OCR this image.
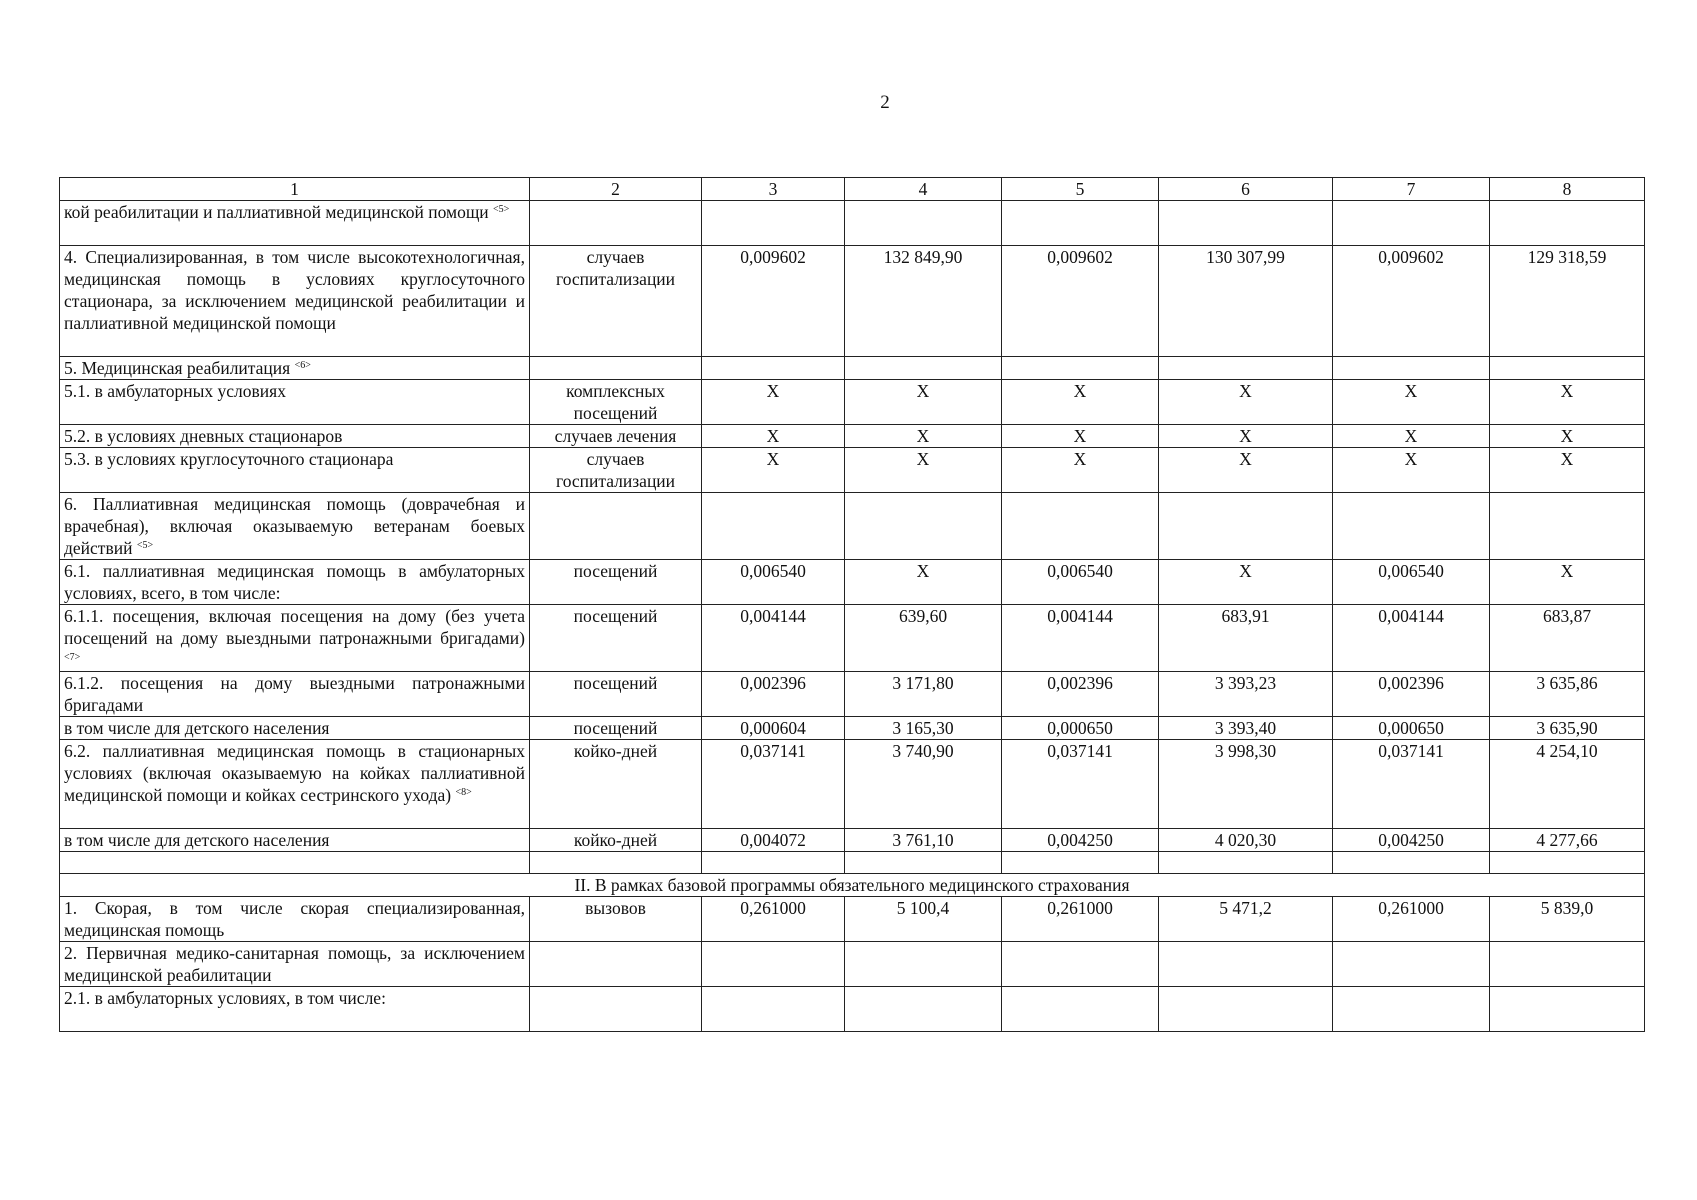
2
1	2	3	4	5	6	7	8
кой реабилитации и паллиативной медицинской помощи $^{<5>}$							
4. Специализированная, в том числе высокотехнологичная, медицинская помощь в условиях круглосуточного стационара, за исключением медицинской реабилитации и паллиативной медицинской помощи	случаев госпитализации	0,009602	132 849,90	0,009602	130 307,99	0,009602	129 318,59
5. Медицинская реабилитация $^{<6>}$							
5.1. в амбулаторных условиях	комплексных посещений	Х	Х	Х	Х	Х	Х
5.2. в условиях дневных стационаров	случаев лечения	Х	Х	Х	Х	Х	Х
5.3. в условиях круглосуточного стационара	случаев госпитализации	Х	Х	Х	Х	Х	Х
6. Паллиативная медицинская помощь (доврачебная и врачебная), включая оказываемую ветеранам боевых действий $^{<5>}$							
6.1. паллиативная медицинская помощь в амбулаторных условиях, всего, в том числе:	посещений	0,006540	Х	0,006540	Х	0,006540	Х
6.1.1. посещения, включая посещения на дому (без учета посещений на дому выездными патронажными бригадами) $^{<7>}$	посещений	0,004144	639,60	0,004144	683,91	0,004144	683,87
6.1.2. посещения на дому выездными патронажными бригадами	посещений	0,002396	3 171,80	0,002396	3 393,23	0,002396	3 635,86
в том числе для детского населения	посещений	0,000604	3 165,30	0,000650	3 393,40	0,000650	3 635,90
6.2. паллиативная медицинская помощь в стационарных условиях (включая оказываемую на койках паллиативной медицинской помощи и койках сестринского ухода) $^{<8>}$	койко-дней	0,037141	3 740,90	0,037141	3 998,30	0,037141	4 254,10
в том числе для детского населения	койко-дней	0,004072	3 761,10	0,004250	4 020,30	0,004250	4 277,66

II. В рамках базовой программы обязательного медицинского страхования							
1. Скорая, в том числе скорая специализированная, медицинская помощь	вызовов	0,261000	5 100,4	0,261000	5 471,2	0,261000	5 839,0
2. Первичная медико-санитарная помощь, за исключением медицинской реабилитации							
2.1. в амбулаторных условиях, в том числе:							
